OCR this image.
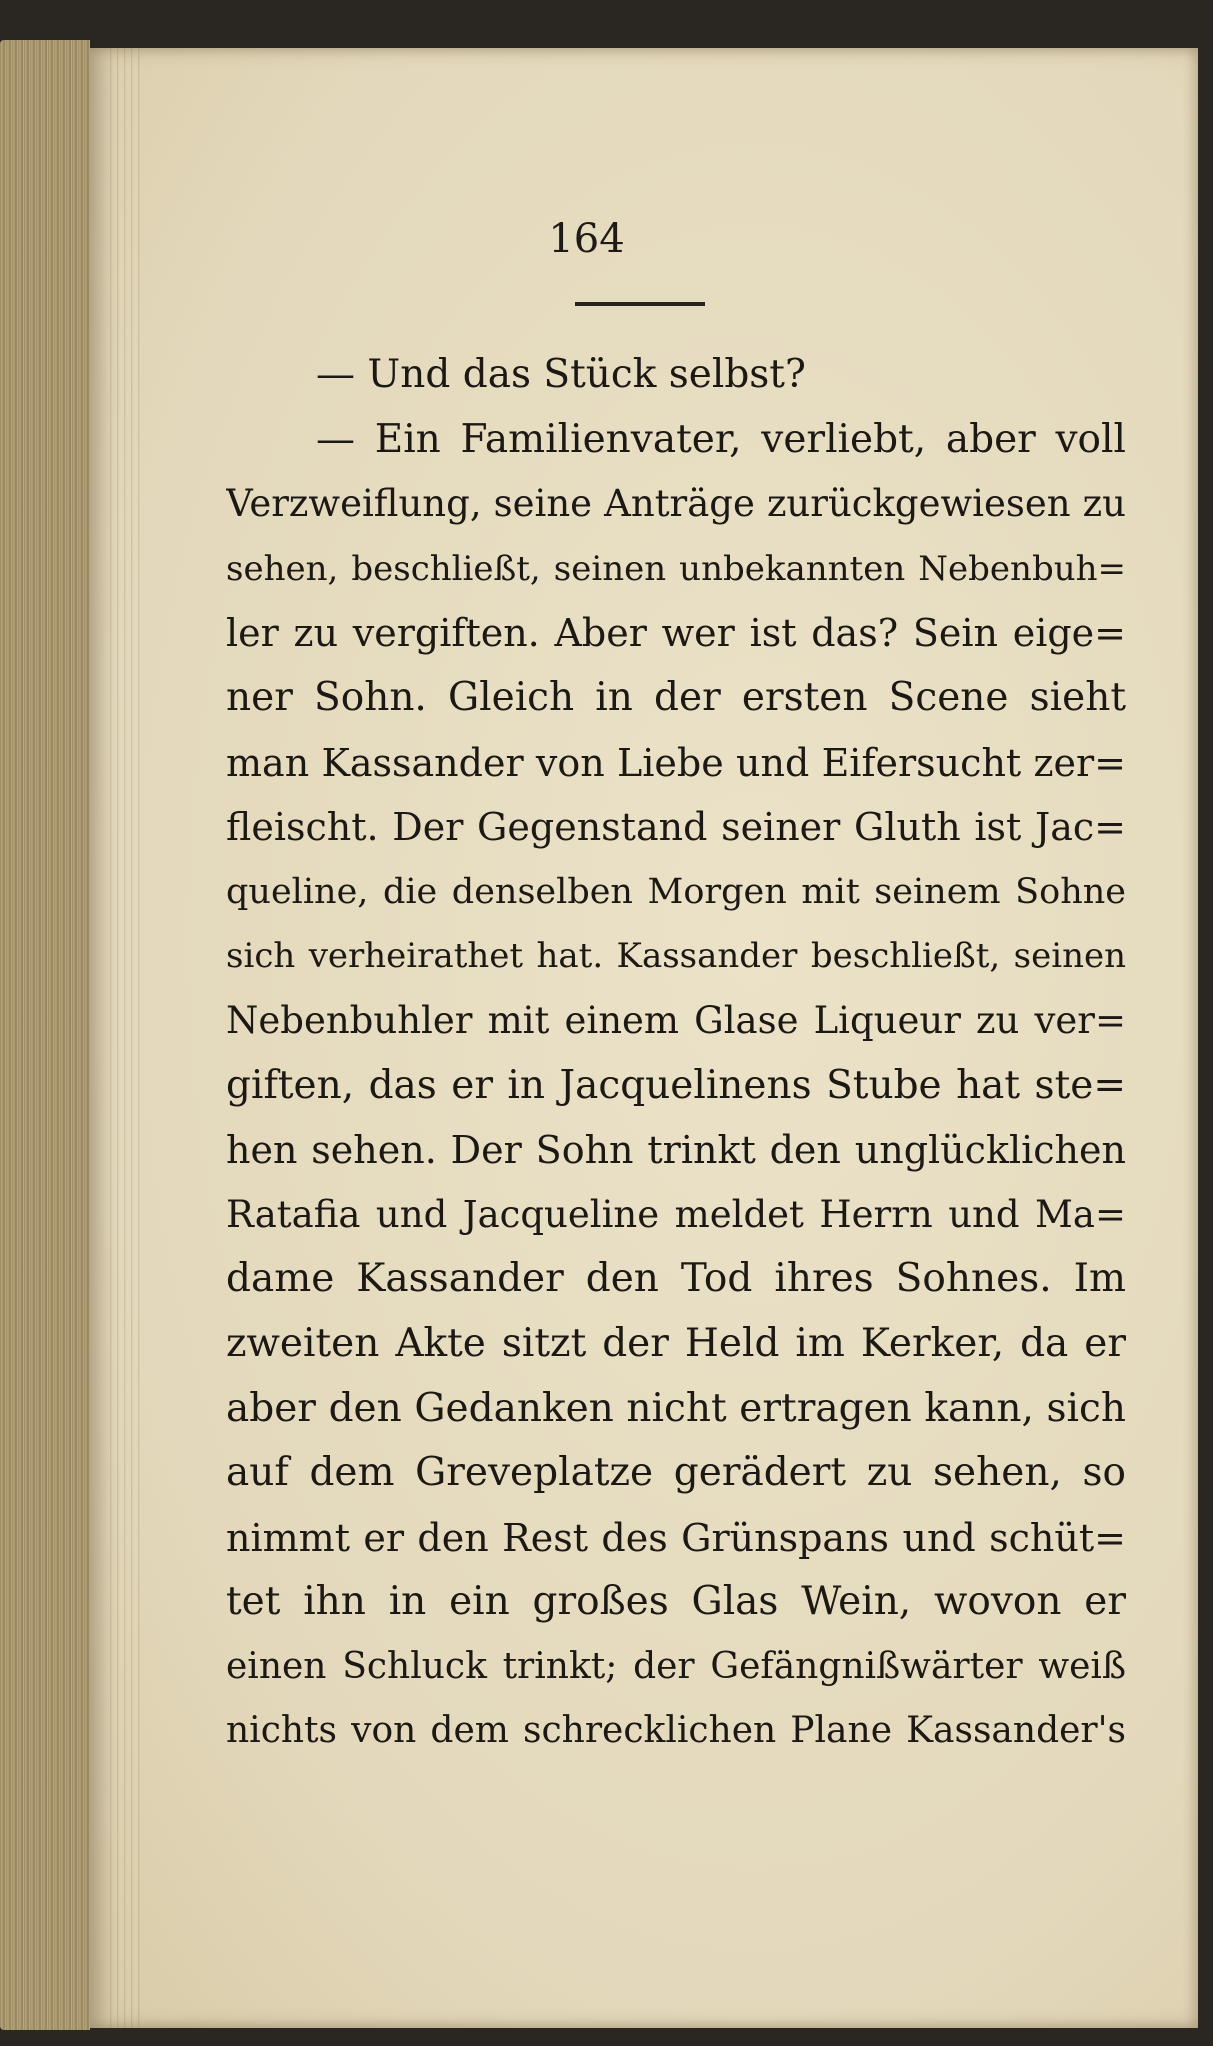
164
— Und das Stück selbst?
— Ein Familienvater, verliebt, aber voll
Verzweiflung, seine Anträge zurückgewiesen zu
sehen, beschließt, seinen unbekannten Nebenbuh=
ler zu vergiften. Aber wer ist das? Sein eige=
ner Sohn. Gleich in der ersten Scene sieht
man Kassander von Liebe und Eifersucht zer=
fleischt. Der Gegenstand seiner Gluth ist Jac=
queline, die denselben Morgen mit seinem Sohne
sich verheirathet hat. Kassander beschließt, seinen
Nebenbuhler mit einem Glase Liqueur zu ver=
giften, das er in Jacquelinens Stube hat ste=
hen sehen. Der Sohn trinkt den unglücklichen
Ratafia und Jacqueline meldet Herrn und Ma=
dame Kassander den Tod ihres Sohnes. Im
zweiten Akte sitzt der Held im Kerker, da er
aber den Gedanken nicht ertragen kann, sich
auf dem Greveplatze gerädert zu sehen, so
nimmt er den Rest des Grünspans und schüt=
tet ihn in ein großes Glas Wein, wovon er
einen Schluck trinkt; der Gefängnißwärter weiß
nichts von dem schrecklichen Plane Kassander's
